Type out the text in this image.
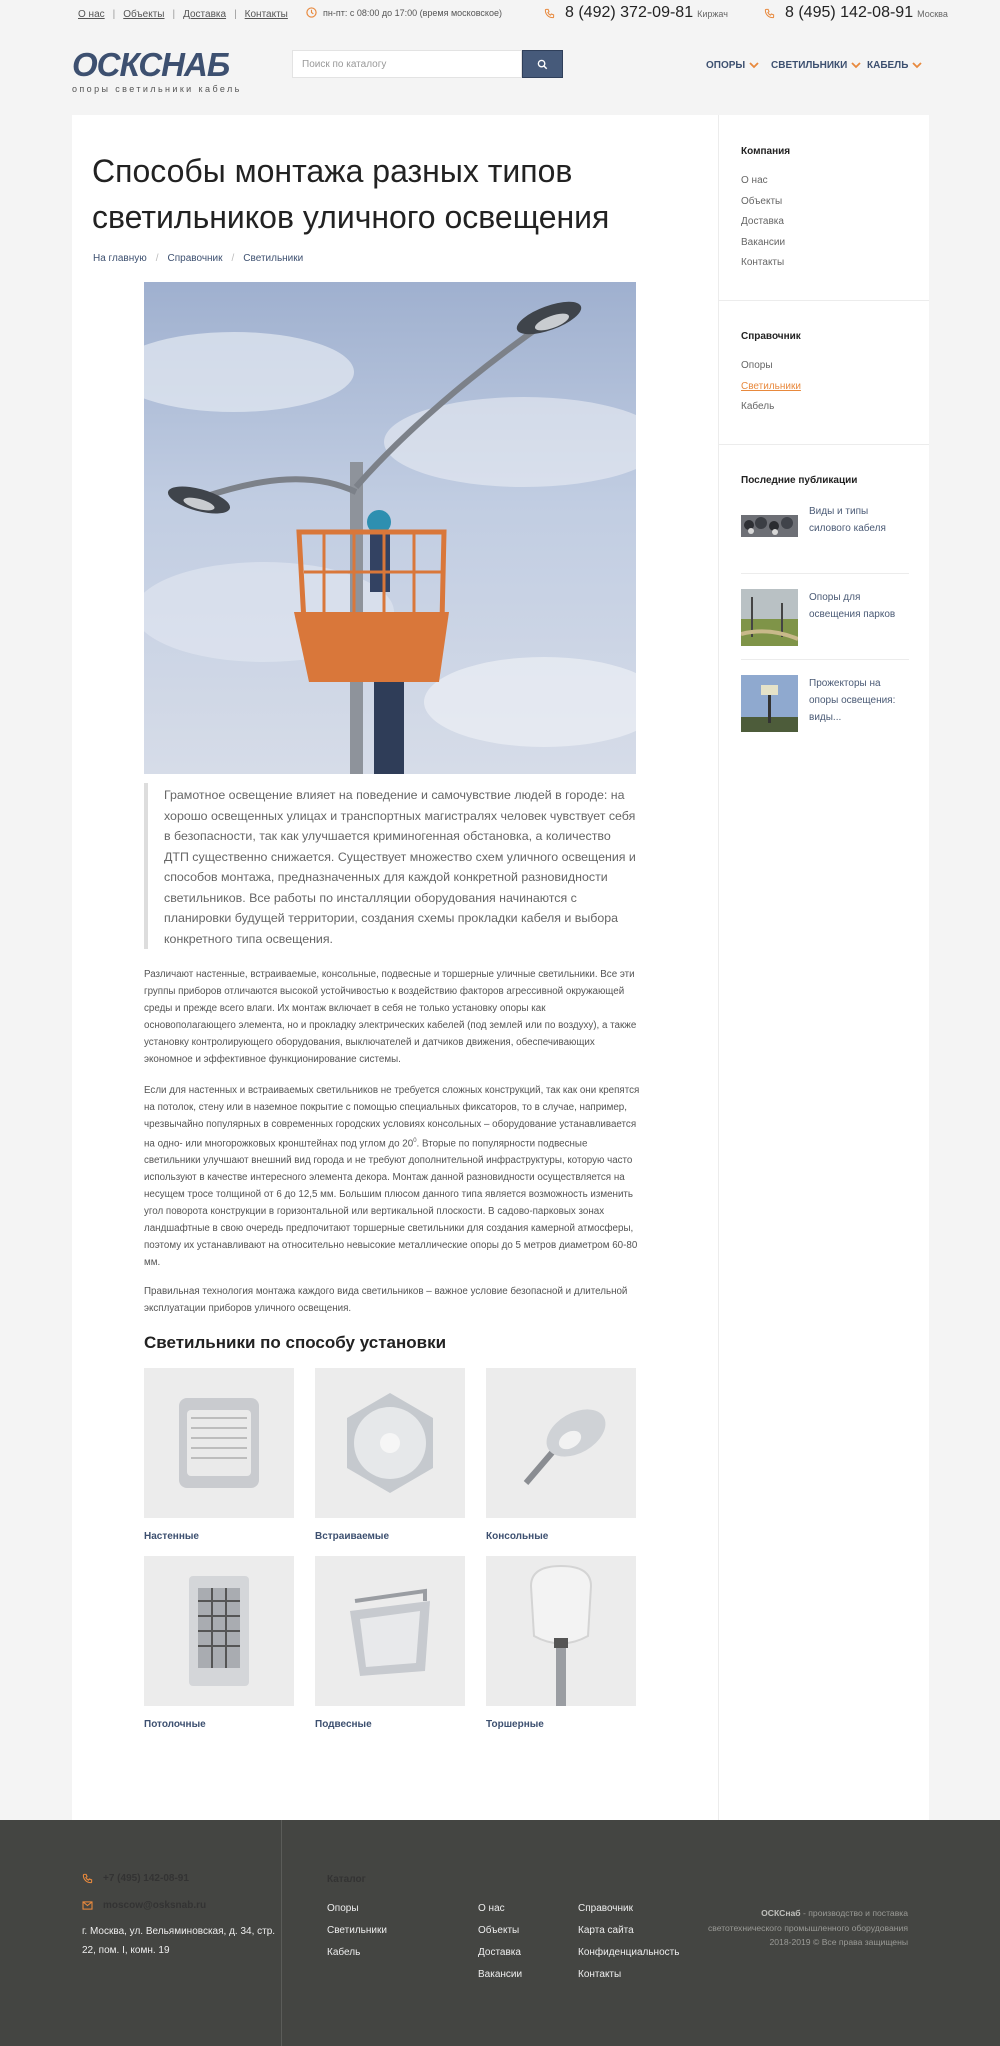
О нас | Объекты | Доставка | Контакты	пн-пт: с 08:00 до 17:00 (время московское)	8 (492) 372-09-81 Киржач	8 (495) 142-08-91 Москва
ОСКСНАБ
опоры светильники кабель
Поиск по каталогу	ОПОРЫ	СВЕТИЛЬНИКИ КАБЕЛЬ
Способы монтажа разных типов светильников уличного освещения
На главную / Справочник / Светильники
Грамотное освещение влияет на поведение и самочувствие людей в городе: на хорошо освещенных улицах и транспортных магистралях человек чувствует себя в безопасности, так как улучшается криминогенная обстановка, а количество ДТП существенно снижается. Существует множество схем уличного освещения и способов монтажа, предназначенных для каждой конкретной разновидности светильников. Все работы по инсталляции оборудования начинаются с планировки будущей территории, создания схемы прокладки кабеля и выбора конкретного типа освещения.

Различают настенные, встраиваемые, консольные, подвесные и торшерные уличные светильники. Все эти группы приборов отличаются высокой устойчивостью к воздействию факторов агрессивной окружающей среды и прежде всего влаги. Их монтаж включает в себя не только установку опоры как основополагающего элемента, но и прокладку электрических кабелей (под землей или по воздуху), а также установку контролирующего оборудования, выключателей и датчиков движения, обеспечивающих экономное и эффективное функционирование системы.

Если для настенных и встраиваемых светильников не требуется сложных конструкций, так как они крепятся на потолок, стену или в наземное покрытие с помощью специальных фиксаторов, то в случае, например, чрезвычайно популярных в современных городских условиях консольных – оборудование устанавливается на одно- или многорожковых кронштейнах под углом до $20^0$. Вторые по популярности подвесные светильники улучшают внешний вид города и не требуют дополнительной инфраструктуры, которую часто используют в качестве интересного элемента декора. Монтаж данной разновидности осуществляется на несущем тросе толщиной от 6 до 12,5 мм. Большим плюсом данного типа является возможность изменить угол поворота конструкции в горизонтальной или вертикальной плоскости. В садово-парковых зонах ландшафтные в свою очередь предпочитают торшерные светильники для создания камерной атмосферы, поэтому их устанавливают на относительно невысокие металлические опоры до 5 метров диаметром 60-80 мм.

Правильная технология монтажа каждого вида светильников – важное условие безопасной и длительной эксплуатации приборов уличного освещения.

Светильники по способу установки
Настенные	Встраиваемые	Консольные
Потолочные	Подвесные	Торшерные
Компания
О нас
Объекты
Доставка
Вакансии
Контакты
Справочник
Опоры
Светильники
Кабель
Последние публикации
Виды и типы силового кабеля
Опоры для освещения парков
Прожекторы на опоры освещения: виды...
+7 (495) 142-08-91
moscow@osksnab.ru
г. Москва, ул. Вельяминовская, д. 34, стр. 22, пом. I, комн. 19
Каталог
Опоры
Светильники
Кабель
О нас
Объекты
Доставка
Вакансии
Справочник
Карта сайта
Конфиденциальность
Контакты
ОСКСнаб - производство и поставка светотехнического промышленного оборудования
2018-2019 © Все права защищены
